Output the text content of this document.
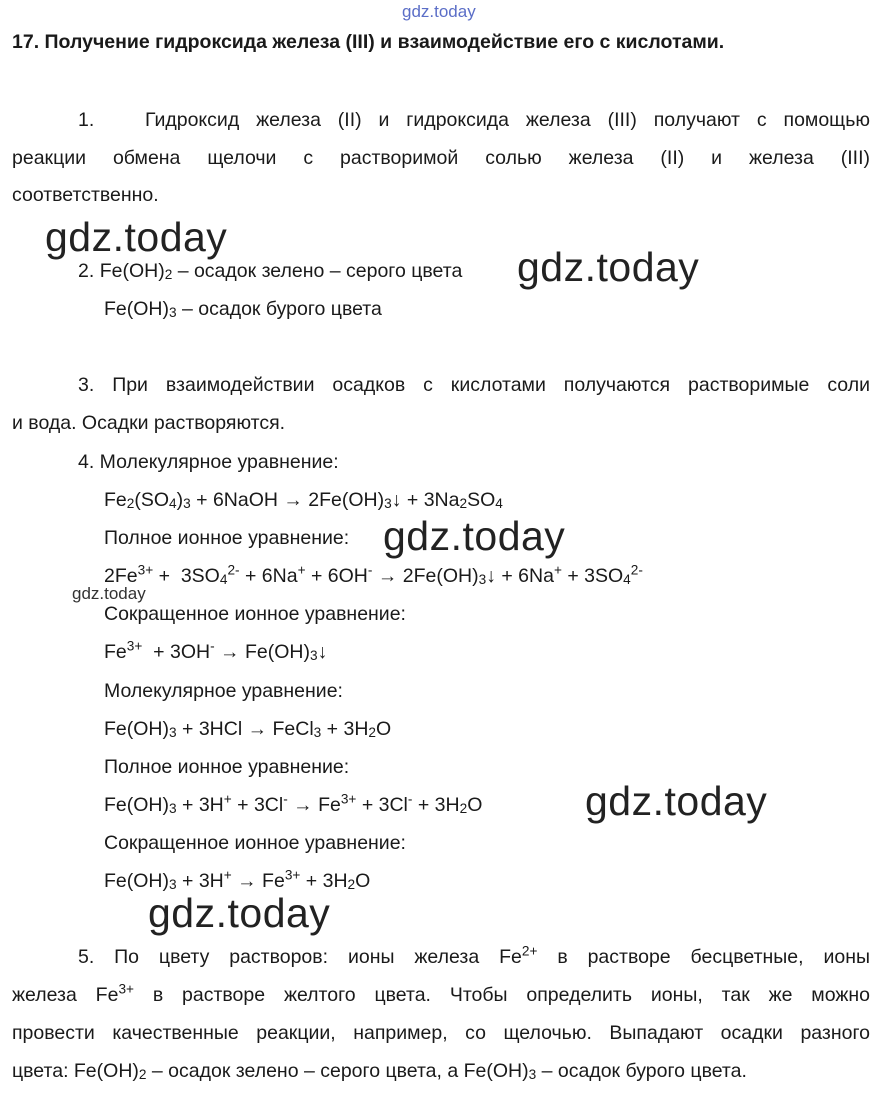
gdz.today
17. Получение гидроксида железа (III) и взаимодействие его с кислотами.
1.	Гидроксид железа (II) и гидроксида железа (III) получают с помощью
реакции обмена щелочи с растворимой солью железа (II) и железа (III)
соответственно.
gdz.today
2. $Fe(OH)_2$ – осадок зелено – серого цвета gdz.today
$Fe(OH)_3$ – осадок бурого цвета
3. При взаимодействии осадков с кислотами получаются растворимые соли
и вода. Осадки растворяются.
4. Молекулярное уравнение:
$Fe_2(SO_4)_3$ + 6NaOH → $2Fe(OH)_3↓ + 3Na_2SO_4$
Полное ионное уравнение: gdz.today
$2Fe^{3+} + 3SO_4^{2-} + 6Na^+ + 6OH^-$ → $2Fe(OH)_3↓ + 6Na^+ + 3SO_4^{2-}$
gdz.today
Сокращенное ионное уравнение:
$Fe^{3+} + 3OH^-$ → $Fe(OH)_3↓$
Молекулярное уравнение:
$Fe(OH)_3 + 3HCl$ → FeCl$_3$ + $3H_2O$
Полное ионное уравнение:
$Fe(OH)_3 + 3H^+ + 3Cl^- \to Fe^{3+} + 3Cl^- + 3H_2O$	gdz.today
Сокращенное ионное уравнение:
$Fe(OH)_3 + 3H^+ \to Fe^{3+} + 3H_2O$
gdz.today
5. По цвету растворов: ионы железа $Fe^{2+}$ в растворе бесцветные, ионы
железа $Fe^{3+}$ в растворе желтого цвета. Чтобы определить ионы, так же можно
провести качественные реакции, например, со щелочью. Выпадают осадки разного
цвета: $Fe(OH)_2$ – осадок зелено – серого цвета, а $Fe(OH)_3$ – осадок бурого цвета.
